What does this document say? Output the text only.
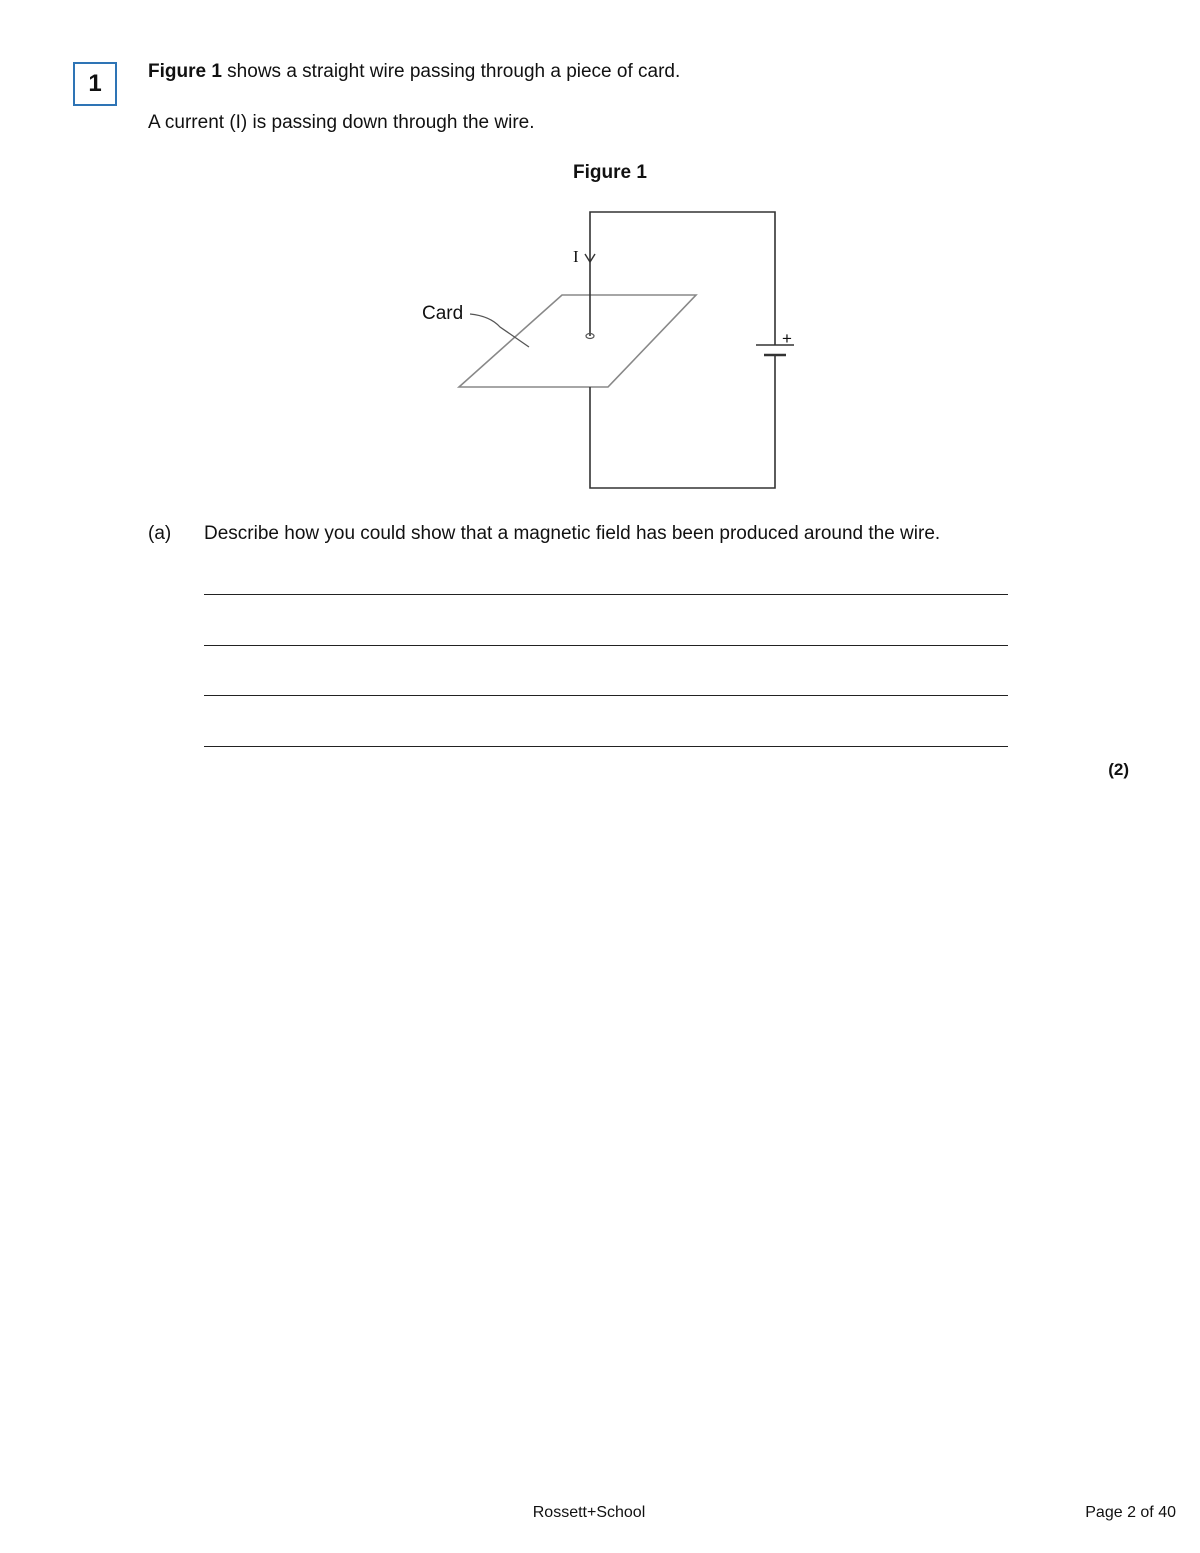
1 Figure 1 shows a straight wire passing through a piece of card.
A current (I) is passing down through the wire.
Figure 1
I
+
Card
(a) Describe how you could show that a magnetic field has been produced around the wire.
(2)
Rossett+School	Page 2 of 40
